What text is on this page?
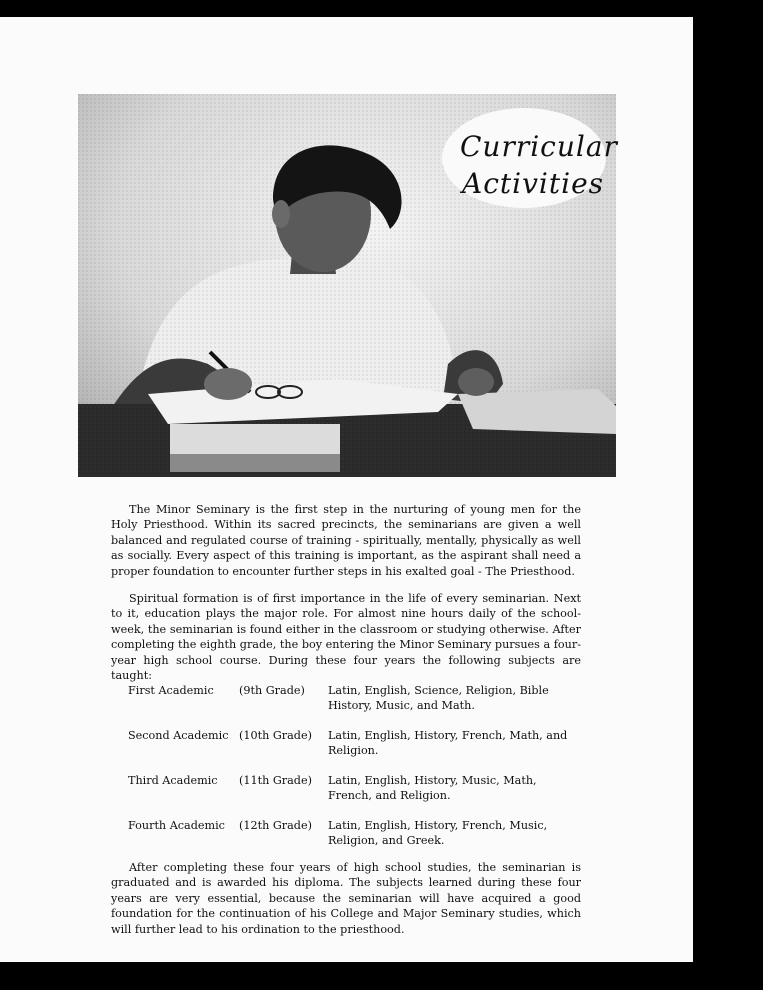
Curricular
Activities

The Minor Seminary is the first step in the nurturing of young men for the Holy Priesthood. Within its sacred precincts, the seminarians are given a well balanced and regulated course of training - spiritually, mentally, physically as well as socially. Every aspect of this training is important, as the aspirant shall need a proper foundation to encounter further steps in his exalted goal - The Priesthood.

Spiritual formation is of first importance in the life of every seminarian. Next to it, education plays the major role. For almost nine hours daily of the school-week, the seminarian is found either in the classroom or studying otherwise. After completing the eighth grade, the boy entering the Minor Seminary pursues a four-year high school course. During these four years the following subjects are taught:

First Academic (9th Grade) Latin, English, Science, Religion, Bible History, Music, and Math.
Second Academic (10th Grade) Latin, English, History, French, Math, and Religion.
Third Academic (11th Grade) Latin, English, History, Music, Math, French, and Religion.
Fourth Academic (12th Grade) Latin, English, History, French, Music, Religion, and Greek.

After completing these four years of high school studies, the seminarian is graduated and is awarded his diploma. The subjects learned during these four years are very essential, because the seminarian will have acquired a good foundation for the continuation of his College and Major Seminary studies, which will further lead to his ordination to the priesthood.
